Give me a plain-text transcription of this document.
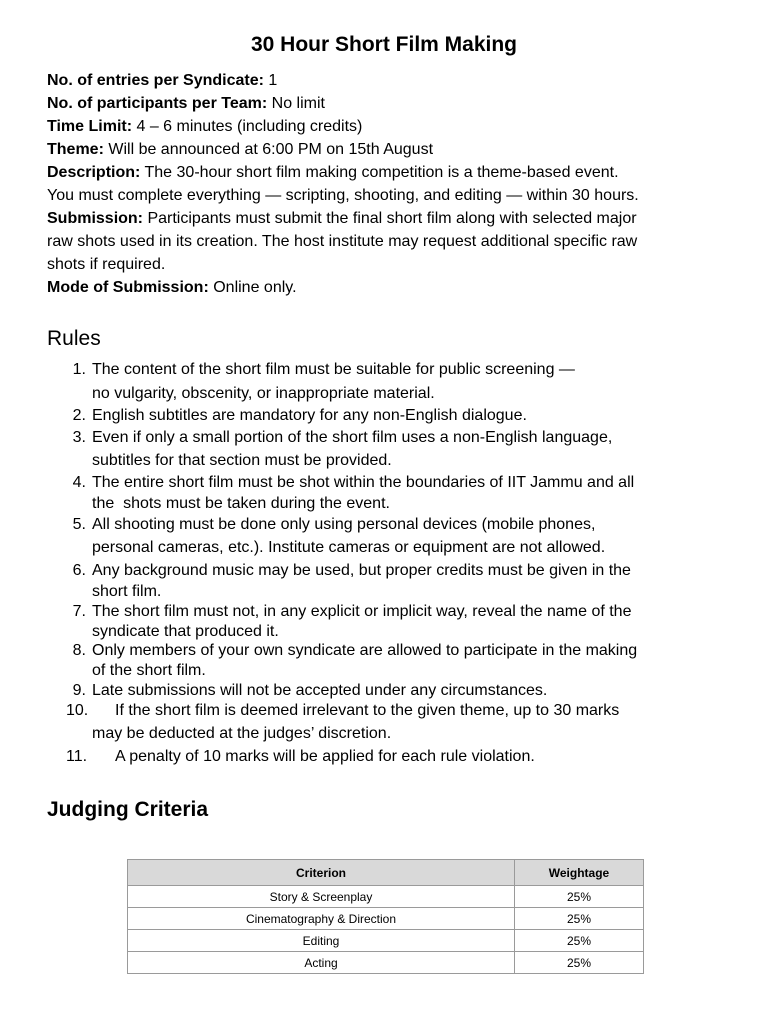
30 Hour Short Film Making

No. of entries per Syndicate: 1

No. of participants per Team: No limit

Time Limit: 4 – 6 minutes (including credits)

Theme: Will be announced at 6:00 PM on 15th August

Description: The 30-hour short film making competition is a theme-based event.

You must complete everything — scripting, shooting, and editing — within 30 hours.

Submission: Participants must submit the final short film along with selected major

raw shots used in its creation. The host institute may request additional specific raw

shots if required.

Mode of Submission: Online only.

Rules
1. The content of the short film must be suitable for public screening —
no vulgarity, obscenity, or inappropriate material.
2. English subtitles are mandatory for any non-English dialogue.
3. Even if only a small portion of the short film uses a non-English language,
subtitles for that section must be provided.
4. The entire short film must be shot within the boundaries of IIT Jammu and all
the  shots must be taken during the event.
5. All shooting must be done only using personal devices (mobile phones,
personal cameras, etc.). Institute cameras or equipment are not allowed.
6. Any background music may be used, but proper credits must be given in the
short film.
7. The short film must not, in any explicit or implicit way, reveal the name of the
syndicate that produced it.
8. Only members of your own syndicate are allowed to participate in the making
of the short film.
9. Late submissions will not be accepted under any circumstances.
10. If the short film is deemed irrelevant to the given theme, up to 30 marks
may be deducted at the judges’ discretion.
11.	A penalty of 10 marks will be applied for each rule violation.
Judging Criteria
Criterion	Weightage
Story & Screenplay	25%
Cinematography & Direction	25%
Editing	25%
Acting	25%
